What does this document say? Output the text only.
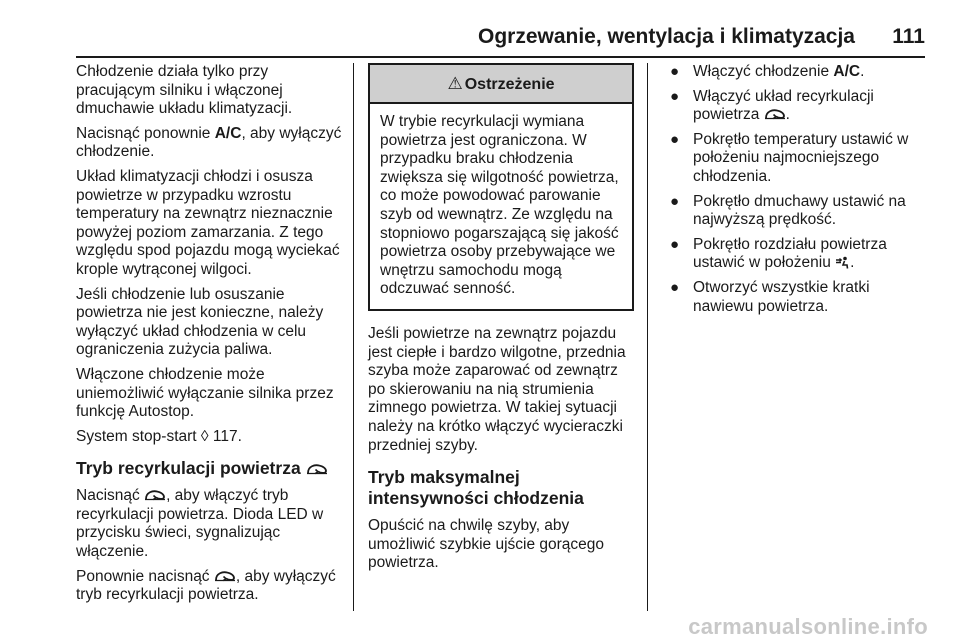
Ogrzewanie, wentylacja i klimatyzacja 111

Chłodzenie działa tylko przy pracującym silniku i włączonej dmuchawie układu klimatyzacji.

Nacisnąć ponownie A/C, aby wyłączyć chłodzenie.

Układ klimatyzacji chłodzi i osusza powietrze w przypadku wzrostu temperatury na zewnątrz nieznacznie powyżej poziom zamarzania. Z tego względu spod pojazdu mogą wyciekać krople wytrąconej wilgoci.

Jeśli chłodzenie lub osuszanie powietrza nie jest konieczne, należy wyłączyć układ chłodzenia w celu ograniczenia zużycia paliwa.

Włączone chłodzenie może uniemożliwić wyłączanie silnika przez funkcję Autostop.

System stop-start ◊ 117.

Tryb recyrkulacji powietrza

Nacisnąć , aby włączyć tryb recyrkulacji powietrza. Dioda LED w przycisku świeci, sygnalizując włączenie.

Ponownie nacisnąć , aby wyłączyć tryb recyrkulacji powietrza.

⚠ Ostrzeżenie
W trybie recyrkulacji wymiana powietrza jest ograniczona. W przypadku braku chłodzenia zwiększa się wilgotność powietrza, co może powodować parowanie szyb od wewnątrz. Ze względu na stopniowo pogarszającą się jakość powietrza osoby przebywające we wnętrzu samochodu mogą odczuwać senność.

Jeśli powietrze na zewnątrz pojazdu jest ciepłe i bardzo wilgotne, przednia szyba może zaparować od zewnątrz po skierowaniu na nią strumienia zimnego powietrza. W takiej sytuacji należy na krótko włączyć wycieraczki przedniej szyby.

Tryb maksymalnej intensywności chłodzenia

Opuścić na chwilę szyby, aby umożliwić szybkie ujście gorącego powietrza.

● Włączyć chłodzenie A/C.
● Włączyć układ recyrkulacji powietrza .
● Pokrętło temperatury ustawić w położeniu najmocniejszego chłodzenia.
● Pokrętło dmuchawy ustawić na najwyższą prędkość.
● Pokrętło rozdziału powietrza ustawić w położeniu .
● Otworzyć wszystkie kratki nawiewu powietrza.
carmanualsonline.info
